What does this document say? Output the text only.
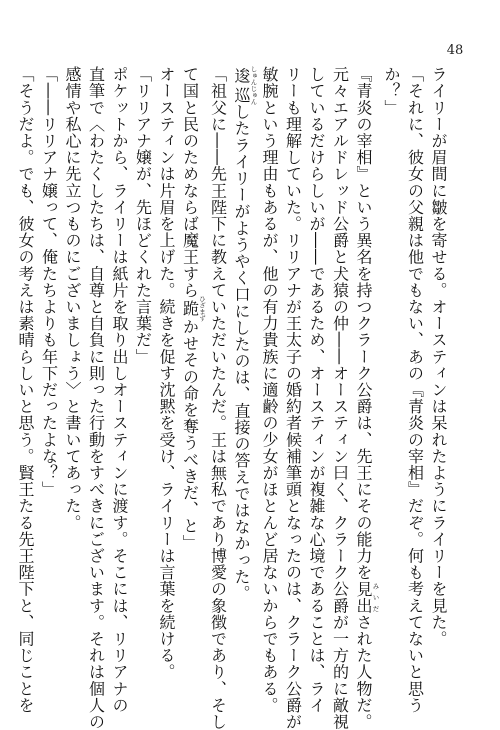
48
ライリーが眉間に皺を寄せる。オースティンは呆れたようにライリーを見た。
「それに、彼女の父親は他でもない、あの『青炎の宰相』だぞ。何も考えてないと思う
か？」
『青炎の宰相』という異名を持つクラーク公爵は、先王にその能力を見出みいだされた人物だ。
元々エアルドレッド公爵と犬猿の仲――オースティン曰く、クラーク公爵が一方的に敵視
しているだけらしいが――であるため、オースティンが複雑な心境であることは、ライ
リーも理解していた。リリアナが王太子の婚約者候補筆頭となったのは、クラーク公爵が
敏腕という理由もあるが、他の有力貴族に適齢の少女がほとんど居ないからでもある。
逡巡しゅんじゅんしたライリーがようやく口にしたのは、直接の答えではなかった。
「祖父に――先王陛下に教えていただいたんだ。王は無私であり博愛の象徴であり、そし
て国と民のためならば魔王すら跪ひざまずかせその命を奪うべきだ、と」
オースティンは片眉を上げた。続きを促す沈黙を受け、ライリーは言葉を続ける。
「リリアナ嬢が、先ほどくれた言葉だ」
ポケットから、ライリーは紙片を取り出しオースティンに渡す。そこには、リリアナの
直筆で〈わたくしたちは、自尊と自負に則った行動をすべきにございます。それは個人の
感情や私心に先立つものにございましょう〉と書いてあった。
「――リリアナ嬢って、俺たちよりも年下だったよな？」
「そうだよ。でも、彼女の考えは素晴らしいと思う。賢王たる先王陛下と、同じことを
